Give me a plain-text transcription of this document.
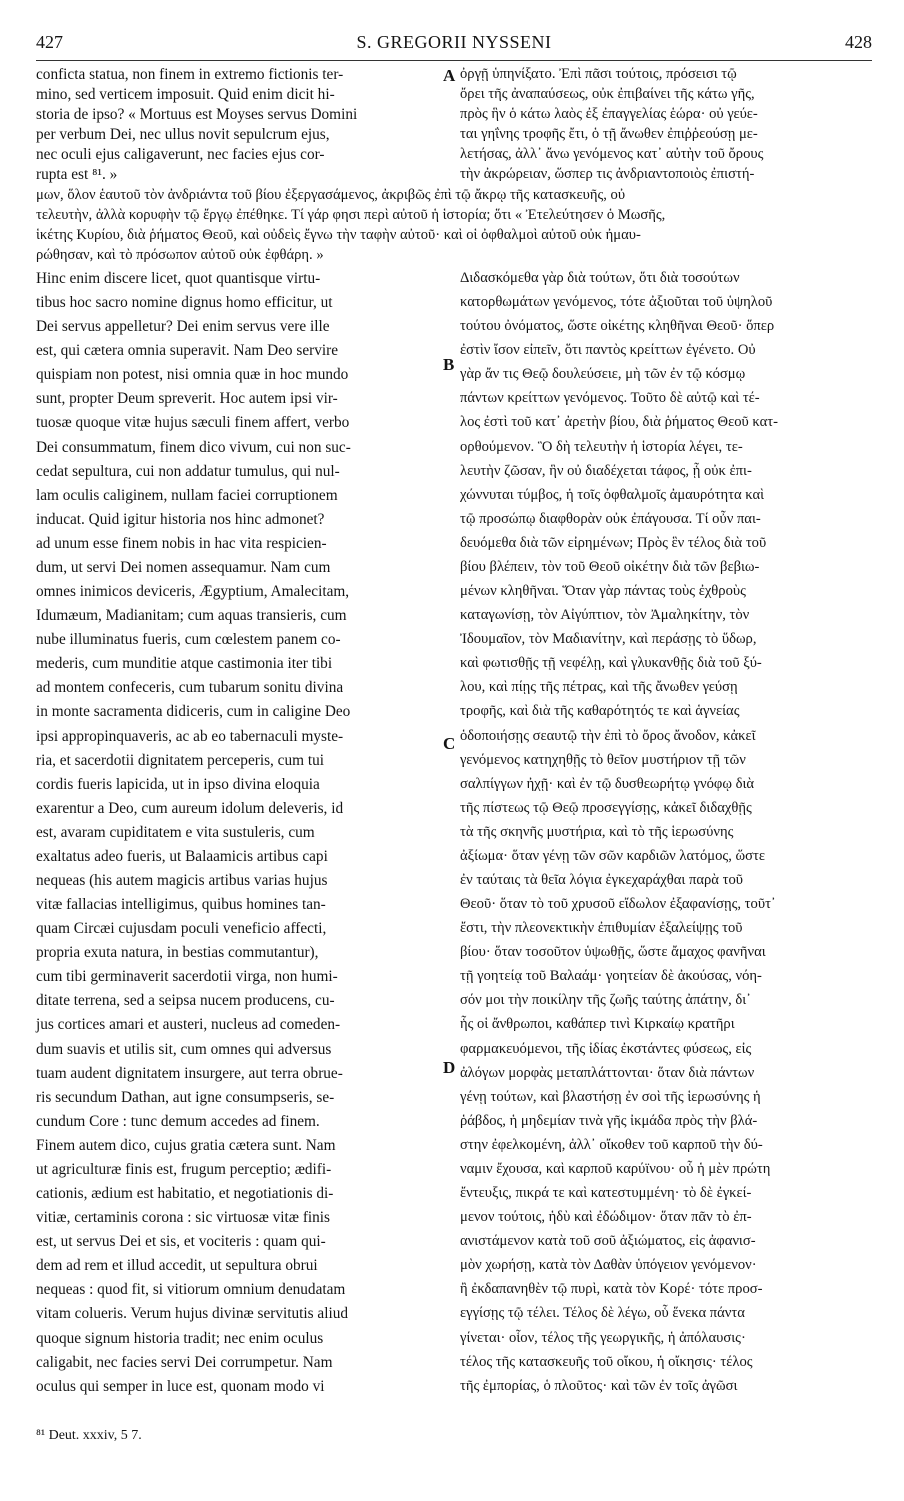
427	S. GREGORII NYSSENI	428
conficta statua, non finem in extremo fictionis ter-
mino, sed verticem imposuit. Quid enim dicit hi-
storia de ipso? « Mortuus est Moyses servus Domini
per verbum Dei, nec ullus novit sepulcrum ejus,
nec oculi ejus caligaverunt, nec facies ejus cor-
rupta est ⁸¹. »
ὀργῇ ὑπηνίξατο. Ἐπὶ πᾶσι τούτοις, πρόσεισι τῷ
ὄρει τῆς ἀναπαύσεως, οὐκ ἐπιβαίνει τῆς κάτω γῆς,
πρὸς ἣν ὁ κάτω λαὸς ἐξ ἐπαγγελίας ἑώρα· οὐ γεύε-
ται γηΐνης τροφῆς ἔτι, ὁ τῇ ἄνωθεν ἐπιῤῥεούσῃ με-
λετήσας, ἀλλ᾽ ἄνω γενόμενος κατ᾽ αὐτὴν τοῦ ὄρους
τὴν ἀκρώρειαν, ὥσπερ τις ἀνδριαντοποιὸς ἐπιστή-
μων, ὅλον ἑαυτοῦ τὸν ἀνδριάντα τοῦ βίου ἐξεργασάμενος, ἀκριβῶς ἐπὶ τῷ ἄκρῳ τῆς κατασκευῆς, οὐ
τελευτὴν, ἀλλὰ κορυφὴν τῷ ἔργῳ ἐπέθηκε. Τί γάρ φησι περὶ αὐτοῦ ἡ ἱστορία; ὅτι « Ἐτελεύτησεν ὁ Μωσῆς,
ἱκέτης Κυρίου, διὰ ῥήματος Θεοῦ, καὶ οὐδεὶς ἔγνω τὴν ταφὴν αὐτοῦ· καὶ οἱ ὀφθαλμοὶ αὐτοῦ οὐκ ἠμαυ-
ρώθησαν, καὶ τὸ πρόσωπον αὐτοῦ οὐκ ἐφθάρη. »
Hinc enim discere licet, quot quantisque virtu-
tibus hoc sacro nomine dignus homo efficitur, ut
Dei servus appelletur? Dei enim servus vere ille
est, qui cætera omnia superavit. Nam Deo servire
quispiam non potest, nisi omnia quæ in hoc mundo
sunt, propter Deum spreverit. Hoc autem ipsi vir-
tuosæ quoque vitæ hujus sæculi finem affert, verbo
Dei consummatum, finem dico vivum, cui non suc-
cedat sepultura, cui non addatur tumulus, qui nul-
lam oculis caliginem, nullam faciei corruptionem
inducat. Quid igitur historia nos hinc admonet?
ad unum esse finem nobis in hac vita respicien-
dum, ut servi Dei nomen assequamur. Nam cum
omnes inimicos deviceris, Ægyptium, Amalecitam,
Idumæum, Madianitam; cum aquas transieris, cum
nube illuminatus fueris, cum cœlestem panem co-
mederis, cum munditie atque castimonia iter tibi
ad montem confeceris, cum tubarum sonitu divina
in monte sacramenta didiceris, cum in caligine Deo
ipsi appropinquaveris, ac ab eo tabernaculi myste-
ria, et sacerdotii dignitatem perceperis, cum tui
cordis fueris lapicida, ut in ipso divina eloquia
exarentur a Deo, cum aureum idolum deleveris, id
est, avaram cupiditatem e vita sustuleris, cum
exaltatus adeo fueris, ut Balaamicis artibus capi
nequeas (his autem magicis artibus varias hujus
vitæ fallacias intelligimus, quibus homines tan-
quam Circæi cujusdam poculi veneficio affecti,
propria exuta natura, in bestias commutantur),
cum tibi germinaverit sacerdotii virga, non humi-
ditate terrena, sed a seipsa nucem producens, cu-
jus cortices amari et austeri, nucleus ad comeden-
dum suavis et utilis sit, cum omnes qui adversus
tuam audent dignitatem insurgere, aut terra obrue-
ris secundum Dathan, aut igne consumpseris, se-
cundum Core : tunc demum accedes ad finem.
Finem autem dico, cujus gratia cætera sunt. Nam
ut agriculturæ finis est, frugum perceptio; ædifi-
cationis, ædium est habitatio, et negotiationis di-
vitiæ, certaminis corona : sic virtuosæ vitæ finis
est, ut servus Dei et sis, et vociteris : quam qui-
dem ad rem et illud accedit, ut sepultura obrui
nequeas : quod fit, si vitiorum omnium denudatam
vitam colueris. Verum hujus divinæ servitutis aliud
quoque signum historia tradit; nec enim oculus
caligabit, nec facies servi Dei corrumpetur. Nam
oculus qui semper in luce est, quonam modo vi
Διδασκόμεθα γὰρ διὰ τούτων, ὅτι διὰ τοσούτων
κατορθωμάτων γενόμενος, τότε ἀξιοῦται τοῦ ὑψηλοῦ
τούτου ὀνόματος, ὥστε οἰκέτης κληθῆναι Θεοῦ· ὅπερ
ἐστὶν ἴσον εἰπεῖν, ὅτι παντὸς κρείττων ἐγένετο. Οὐ
γὰρ ἄν τις Θεῷ δουλεύσειε, μὴ τῶν ἐν τῷ κόσμῳ
πάντων κρείττων γενόμενος. Τοῦτο δὲ αὐτῷ καὶ τέ-
λος ἐστὶ τοῦ κατ᾽ ἀρετὴν βίου, διὰ ῥήματος Θεοῦ κατ-
ορθούμενον. Ὃ δὴ τελευτὴν ἡ ἱστορία λέγει, τε-
λευτὴν ζῶσαν, ἣν οὐ διαδέχεται τάφος, ᾗ οὐκ ἐπι-
χώννυται τύμβος, ἡ τοῖς ὀφθαλμοῖς ἀμαυρότητα καὶ
τῷ προσώπῳ διαφθορὰν οὐκ ἐπάγουσα. Τί οὖν παι-
δευόμεθα διὰ τῶν εἰρημένων; Πρὸς ἓν τέλος διὰ τοῦ
βίου βλέπειν, τὸν τοῦ Θεοῦ οἰκέτην διὰ τῶν βεβιω-
μένων κληθῆναι. Ὅταν γὰρ πάντας τοὺς ἐχθροὺς
καταγωνίσῃ, τὸν Αἰγύπτιον, τὸν Ἀμαληκίτην, τὸν
Ἰδουμαῖον, τὸν Μαδιανίτην, καὶ περάσῃς τὸ ὕδωρ,
καὶ φωτισθῇς τῇ νεφέλῃ, καὶ γλυκανθῇς διὰ τοῦ ξύ-
λου, καὶ πίῃς τῆς πέτρας, καὶ τῆς ἄνωθεν γεύσῃ
τροφῆς, καὶ διὰ τῆς καθαρότητός τε καὶ ἁγνείας
ὁδοποιήσῃς σεαυτῷ τὴν ἐπὶ τὸ ὄρος ἄνοδον, κἀκεῖ
γενόμενος κατηχηθῇς τὸ θεῖον μυστήριον τῇ τῶν
σαλπίγγων ἠχῇ· καὶ ἐν τῷ δυσθεωρήτῳ γνόφῳ διὰ
τῆς πίστεως τῷ Θεῷ προσεγγίσῃς, κἀκεῖ διδαχθῇς
τὰ τῆς σκηνῆς μυστήρια, καὶ τὸ τῆς ἱερωσύνης
ἀξίωμα· ὅταν γένῃ τῶν σῶν καρδιῶν λατόμος, ὥστε
ἐν ταύταις τὰ θεῖα λόγια ἐγκεχαράχθαι παρὰ τοῦ
Θεοῦ· ὅταν τὸ τοῦ χρυσοῦ εἴδωλον ἐξαφανίσῃς, τοῦτ᾽
ἔστι, τὴν πλεονεκτικὴν ἐπιθυμίαν ἐξαλείψῃς τοῦ
βίου· ὅταν τοσοῦτον ὑψωθῇς, ὥστε ἄμαχος φανῆναι
τῇ γοητείᾳ τοῦ Βαλαάμ· γοητείαν δὲ ἀκούσας, νόη-
σόν μοι τὴν ποικίλην τῆς ζωῆς ταύτης ἀπάτην, δι᾽
ἧς οἱ ἄνθρωποι, καθάπερ τινὶ Κιρκαίῳ κρατῆρι
φαρμακευόμενοι, τῆς ἰδίας ἐκστάντες φύσεως, εἰς
ἀλόγων μορφὰς μεταπλάττονται· ὅταν διὰ πάντων
γένῃ τούτων, καὶ βλαστήσῃ ἐν σοὶ τῆς ἱερωσύνης ἡ
ῥάβδος, ἡ μηδεμίαν τινὰ γῆς ἰκμάδα πρὸς τὴν βλά-
στην ἐφελκομένη, ἀλλ᾽ οἴκοθεν τοῦ καρποῦ τὴν δύ-
ναμιν ἔχουσα, καὶ καρποῦ καρύϊνου· οὗ ἡ μὲν πρώτη
ἔντευξις, πικρά τε καὶ κατεστυμμένη· τὸ δὲ ἐγκεί-
μενον τούτοις, ἡδὺ καὶ ἐδώδιμον· ὅταν πᾶν τὸ ἐπ-
ανιστάμενον κατὰ τοῦ σοῦ ἀξιώματος, εἰς ἀφανισ-
μὸν χωρήσῃ, κατὰ τὸν Δαθὰν ὑπόγειον γενόμενον·
ἢ ἐκδαπανηθὲν τῷ πυρὶ, κατὰ τὸν Κορέ· τότε προσ-
εγγίσῃς τῷ τέλει. Τέλος δὲ λέγω, οὗ ἕνεκα πάντα
γίνεται· οἷον, τέλος τῆς γεωργικῆς, ἡ ἀπόλαυσις·
τέλος τῆς κατασκευῆς τοῦ οἴκου, ἡ οἴκησις· τέλος
τῆς ἐμπορίας, ὁ πλοῦτος· καὶ τῶν ἐν τοῖς ἀγῶσι
A
B
C
D
⁸¹ Deut. xxxiv, 5 7.
